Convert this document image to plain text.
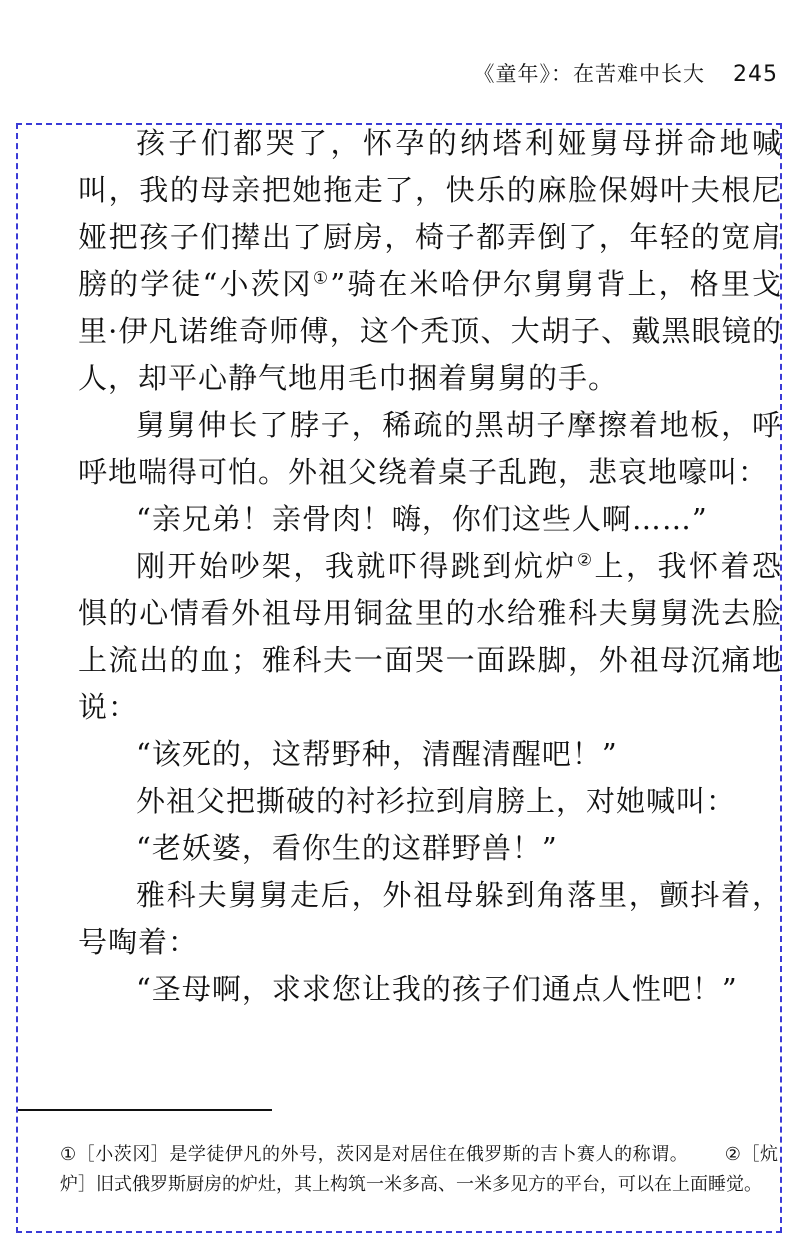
《童年》：在苦难中长大 245

孩子们都哭了，怀孕的纳塔利娅舅母拼命地喊叫，我的母亲把她拖走了，快乐的麻脸保姆叶夫根尼娅把孩子们撵出了厨房，椅子都弄倒了，年轻的宽肩膀的学徒“小茨冈①”骑在米哈伊尔舅舅背上，格里戈里·伊凡诺维奇师傅，这个秃顶、大胡子、戴黑眼镜的人，却平心静气地用毛巾捆着舅舅的手。

舅舅伸长了脖子，稀疏的黑胡子摩擦着地板，呼呼地喘得可怕。外祖父绕着桌子乱跑，悲哀地嚎叫：

“亲兄弟！亲骨肉！嗨，你们这些人啊……”

刚开始吵架，我就吓得跳到炕炉②上，我怀着恐惧的心情看外祖母用铜盆里的水给雅科夫舅舅洗去脸上流出的血；雅科夫一面哭一面跺脚，外祖母沉痛地说：

“该死的，这帮野种，清醒清醒吧！”

外祖父把撕破的衬衫拉到肩膀上，对她喊叫：

“老妖婆，看你生的这群野兽！”

雅科夫舅舅走后，外祖母躲到角落里，颤抖着，号啕着：

“圣母啊，求求您让我的孩子们通点人性吧！”

①［小茨冈］是学徒伊凡的外号，茨冈是对居住在俄罗斯的吉卜赛人的称谓。 ②［炕炉］旧式俄罗斯厨房的炉灶，其上构筑一米多高、一米多见方的平台，可以在上面睡觉。
